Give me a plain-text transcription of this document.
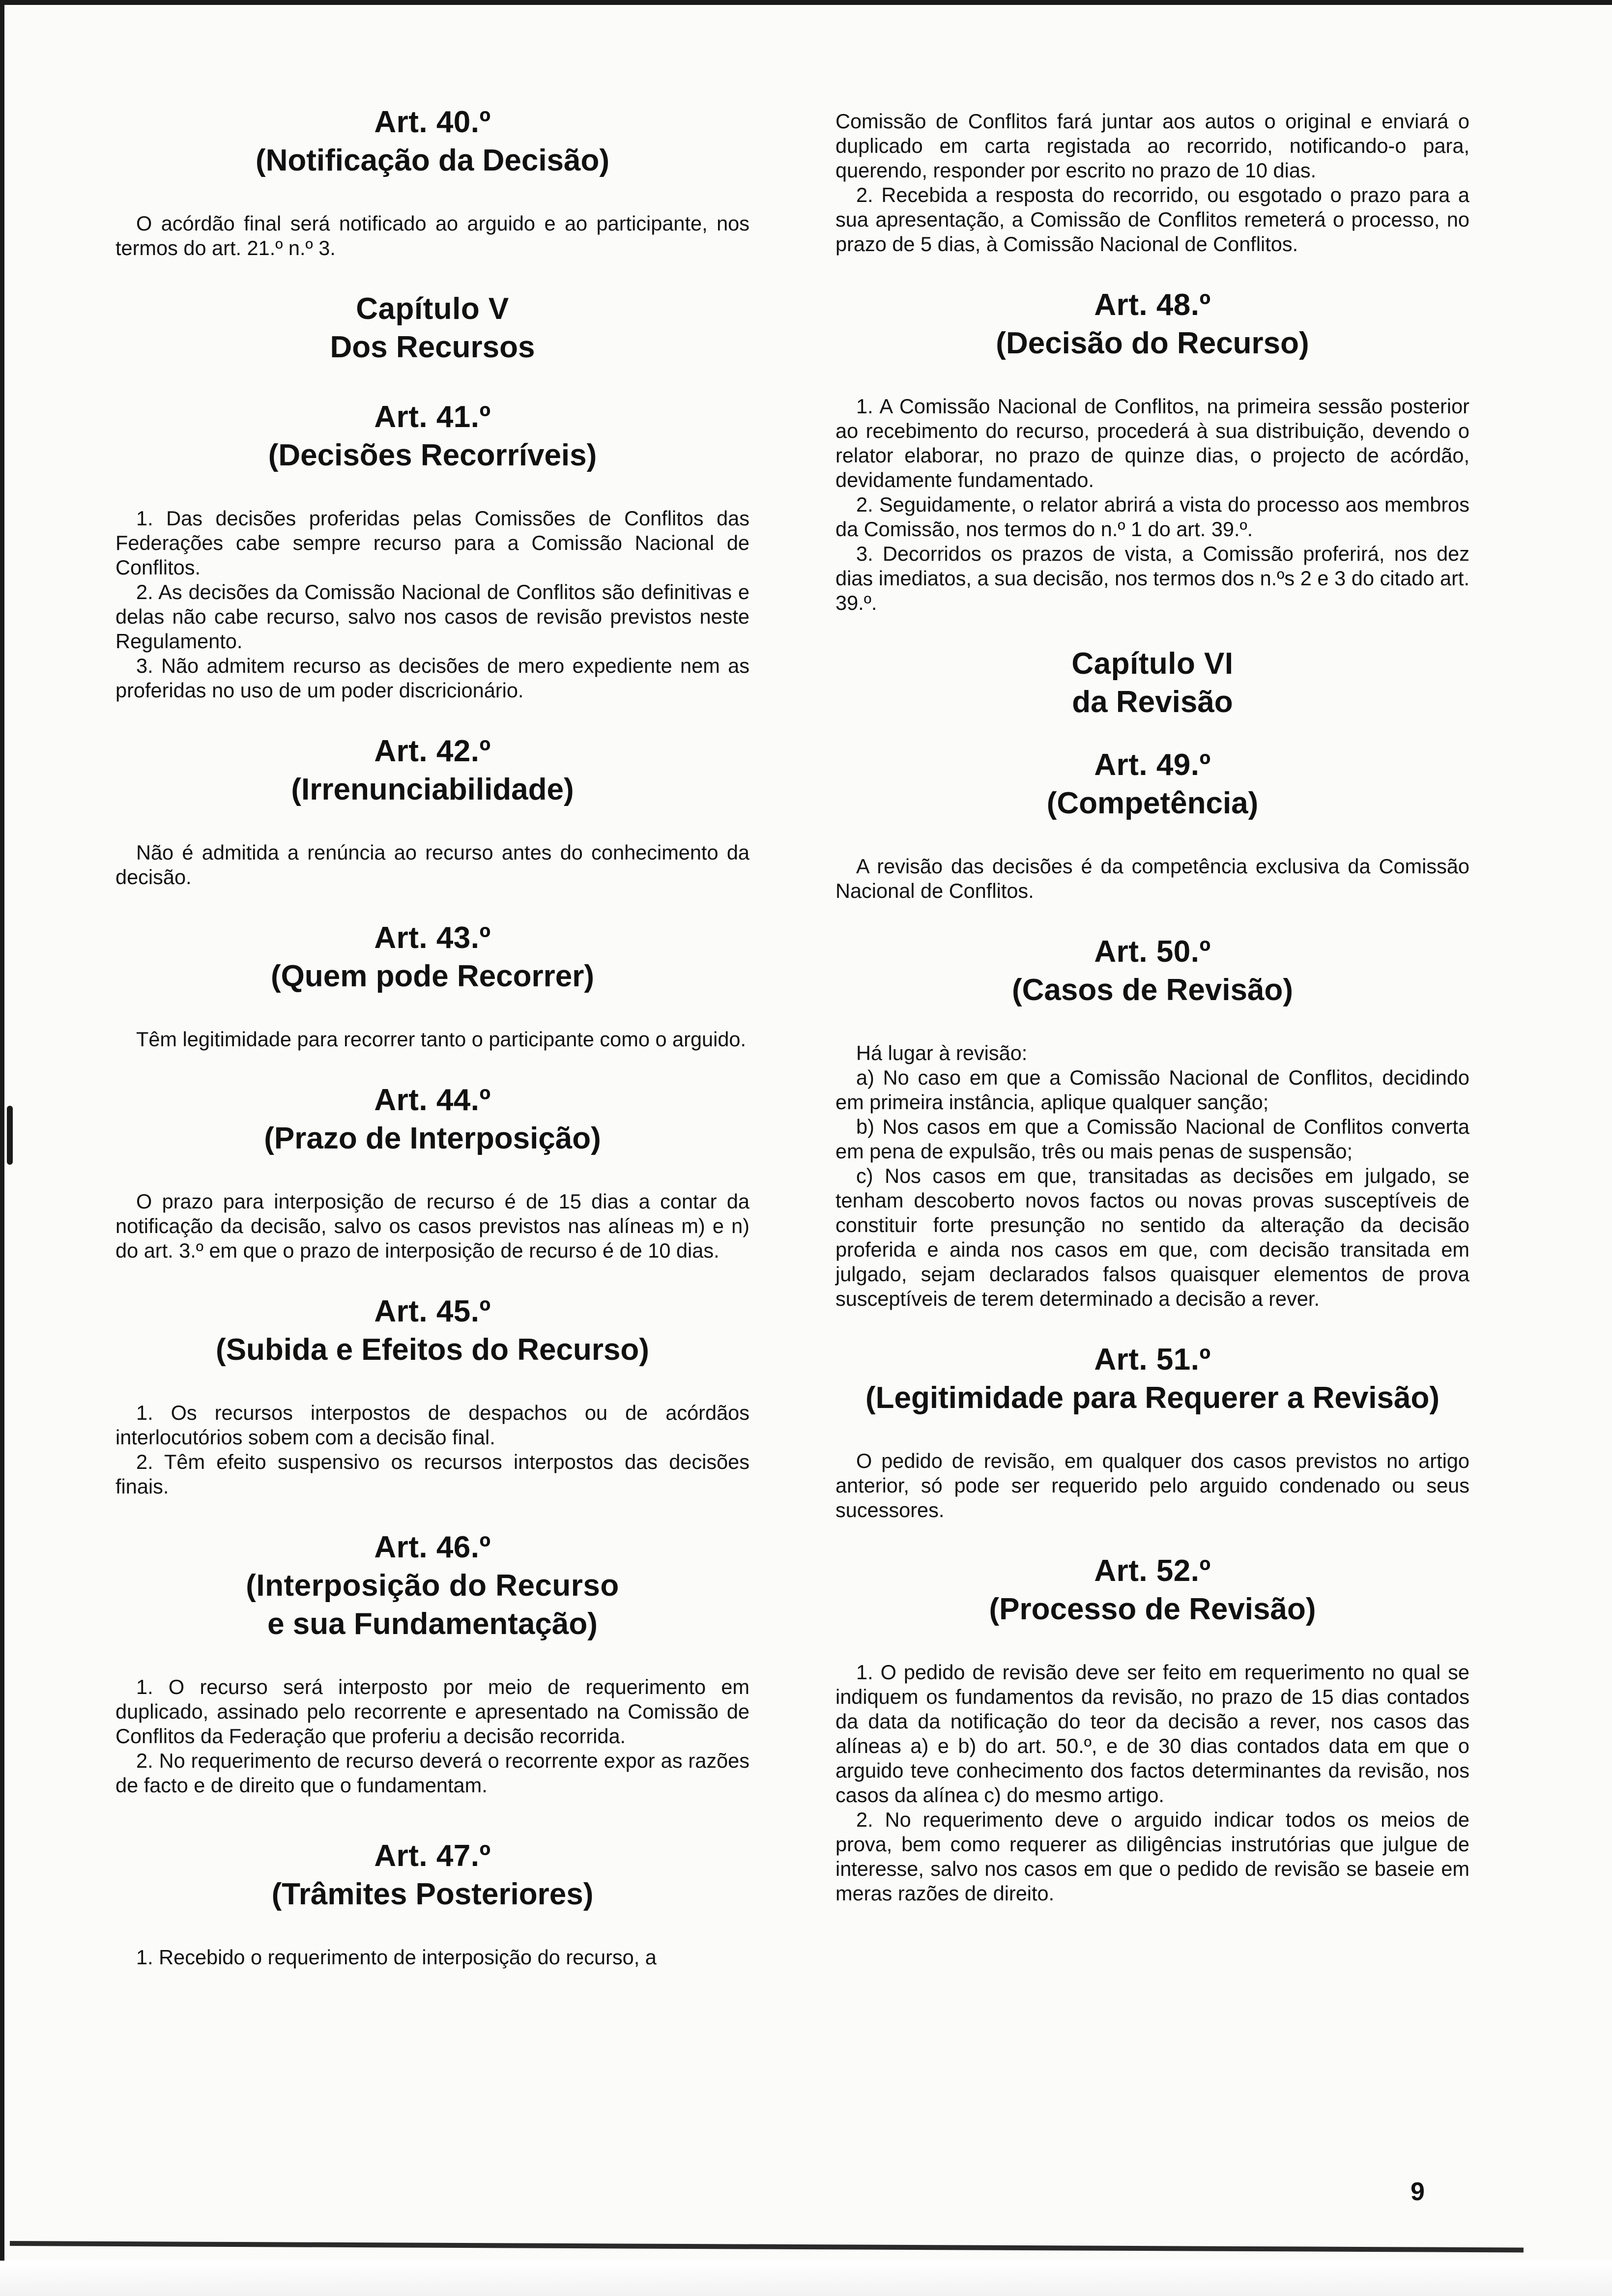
Art. 40.º
(Notificação da Decisão)

O acórdão final será notificado ao arguido e ao participante, nos termos do art. 21.º n.º 3.

Capítulo V
Dos Recursos
Art. 41.º
(Decisões Recorríveis)

1. Das decisões proferidas pelas Comissões de Conflitos das Federações cabe sempre recurso para a Comissão Nacional de Conflitos.

2. As decisões da Comissão Nacional de Conflitos são definitivas e delas não cabe recurso, salvo nos casos de revisão previstos neste Regulamento.

3. Não admitem recurso as decisões de mero expediente nem as proferidas no uso de um poder discricionário.

Art. 42.º
(Irrenunciabilidade)

Não é admitida a renúncia ao recurso antes do conhecimento da decisão.

Art. 43.º
(Quem pode Recorrer)

Têm legitimidade para recorrer tanto o participante como o arguido.

Art. 44.º
(Prazo de Interposição)

O prazo para interposição de recurso é de 15 dias a contar da notificação da decisão, salvo os casos previstos nas alíneas m) e n) do art. 3.º em que o prazo de interposição de recurso é de 10 dias.

Art. 45.º
(Subida e Efeitos do Recurso)

1. Os recursos interpostos de despachos ou de acórdãos interlocutórios sobem com a decisão final.

2. Têm efeito suspensivo os recursos interpostos das decisões finais.

Art. 46.º
(Interposição do Recurso
e sua Fundamentação)

1. O recurso será interposto por meio de requerimento em duplicado, assinado pelo recorrente e apresentado na Comissão de Conflitos da Federação que proferiu a decisão recorrida.

2. No requerimento de recurso deverá o recorrente expor as razões de facto e de direito que o fundamentam.

Art. 47.º
(Trâmites Posteriores)

1. Recebido o requerimento de interposição do recurso, a

Comissão de Conflitos fará juntar aos autos o original e enviará o duplicado em carta registada ao recorrido, notificando-o para, querendo, responder por escrito no prazo de 10 dias.

2. Recebida a resposta do recorrido, ou esgotado o prazo para a sua apresentação, a Comissão de Conflitos remeterá o processo, no prazo de 5 dias, à Comissão Nacional de Conflitos.

Art. 48.º
(Decisão do Recurso)

1. A Comissão Nacional de Conflitos, na primeira sessão posterior ao recebimento do recurso, procederá à sua distribuição, devendo o relator elaborar, no prazo de quinze dias, o projecto de acórdão, devidamente fundamentado.

2. Seguidamente, o relator abrirá a vista do processo aos membros da Comissão, nos termos do n.º 1 do art. 39.º.

3. Decorridos os prazos de vista, a Comissão proferirá, nos dez dias imediatos, a sua decisão, nos termos dos n.ºs 2 e 3 do citado art. 39.º.

Capítulo VI
da Revisão
Art. 49.º
(Competência)

A revisão das decisões é da competência exclusiva da Comissão Nacional de Conflitos.

Art. 50.º
(Casos de Revisão)

Há lugar à revisão:

a) No caso em que a Comissão Nacional de Conflitos, decidindo em primeira instância, aplique qualquer sanção;

b) Nos casos em que a Comissão Nacional de Conflitos converta em pena de expulsão, três ou mais penas de suspensão;

c) Nos casos em que, transitadas as decisões em julgado, se tenham descoberto novos factos ou novas provas susceptíveis de constituir forte presunção no sentido da alteração da decisão proferida e ainda nos casos em que, com decisão transitada em julgado, sejam declarados falsos quaisquer elementos de prova susceptíveis de terem determinado a decisão a rever.

Art. 51.º
(Legitimidade para Requerer a Revisão)

O pedido de revisão, em qualquer dos casos previstos no artigo anterior, só pode ser requerido pelo arguido condenado ou seus sucessores.

Art. 52.º
(Processo de Revisão)

1. O pedido de revisão deve ser feito em requerimento no qual se indiquem os fundamentos da revisão, no prazo de 15 dias contados da data da notificação do teor da decisão a rever, nos casos das alíneas a) e b) do art. 50.º, e de 30 dias contados data em que o arguido teve conhecimento dos factos determinantes da revisão, nos casos da alínea c) do mesmo artigo.

2. No requerimento deve o arguido indicar todos os meios de prova, bem como requerer as diligências instrutórias que julgue de interesse, salvo nos casos em que o pedido de revisão se baseie em meras razões de direito.

9
